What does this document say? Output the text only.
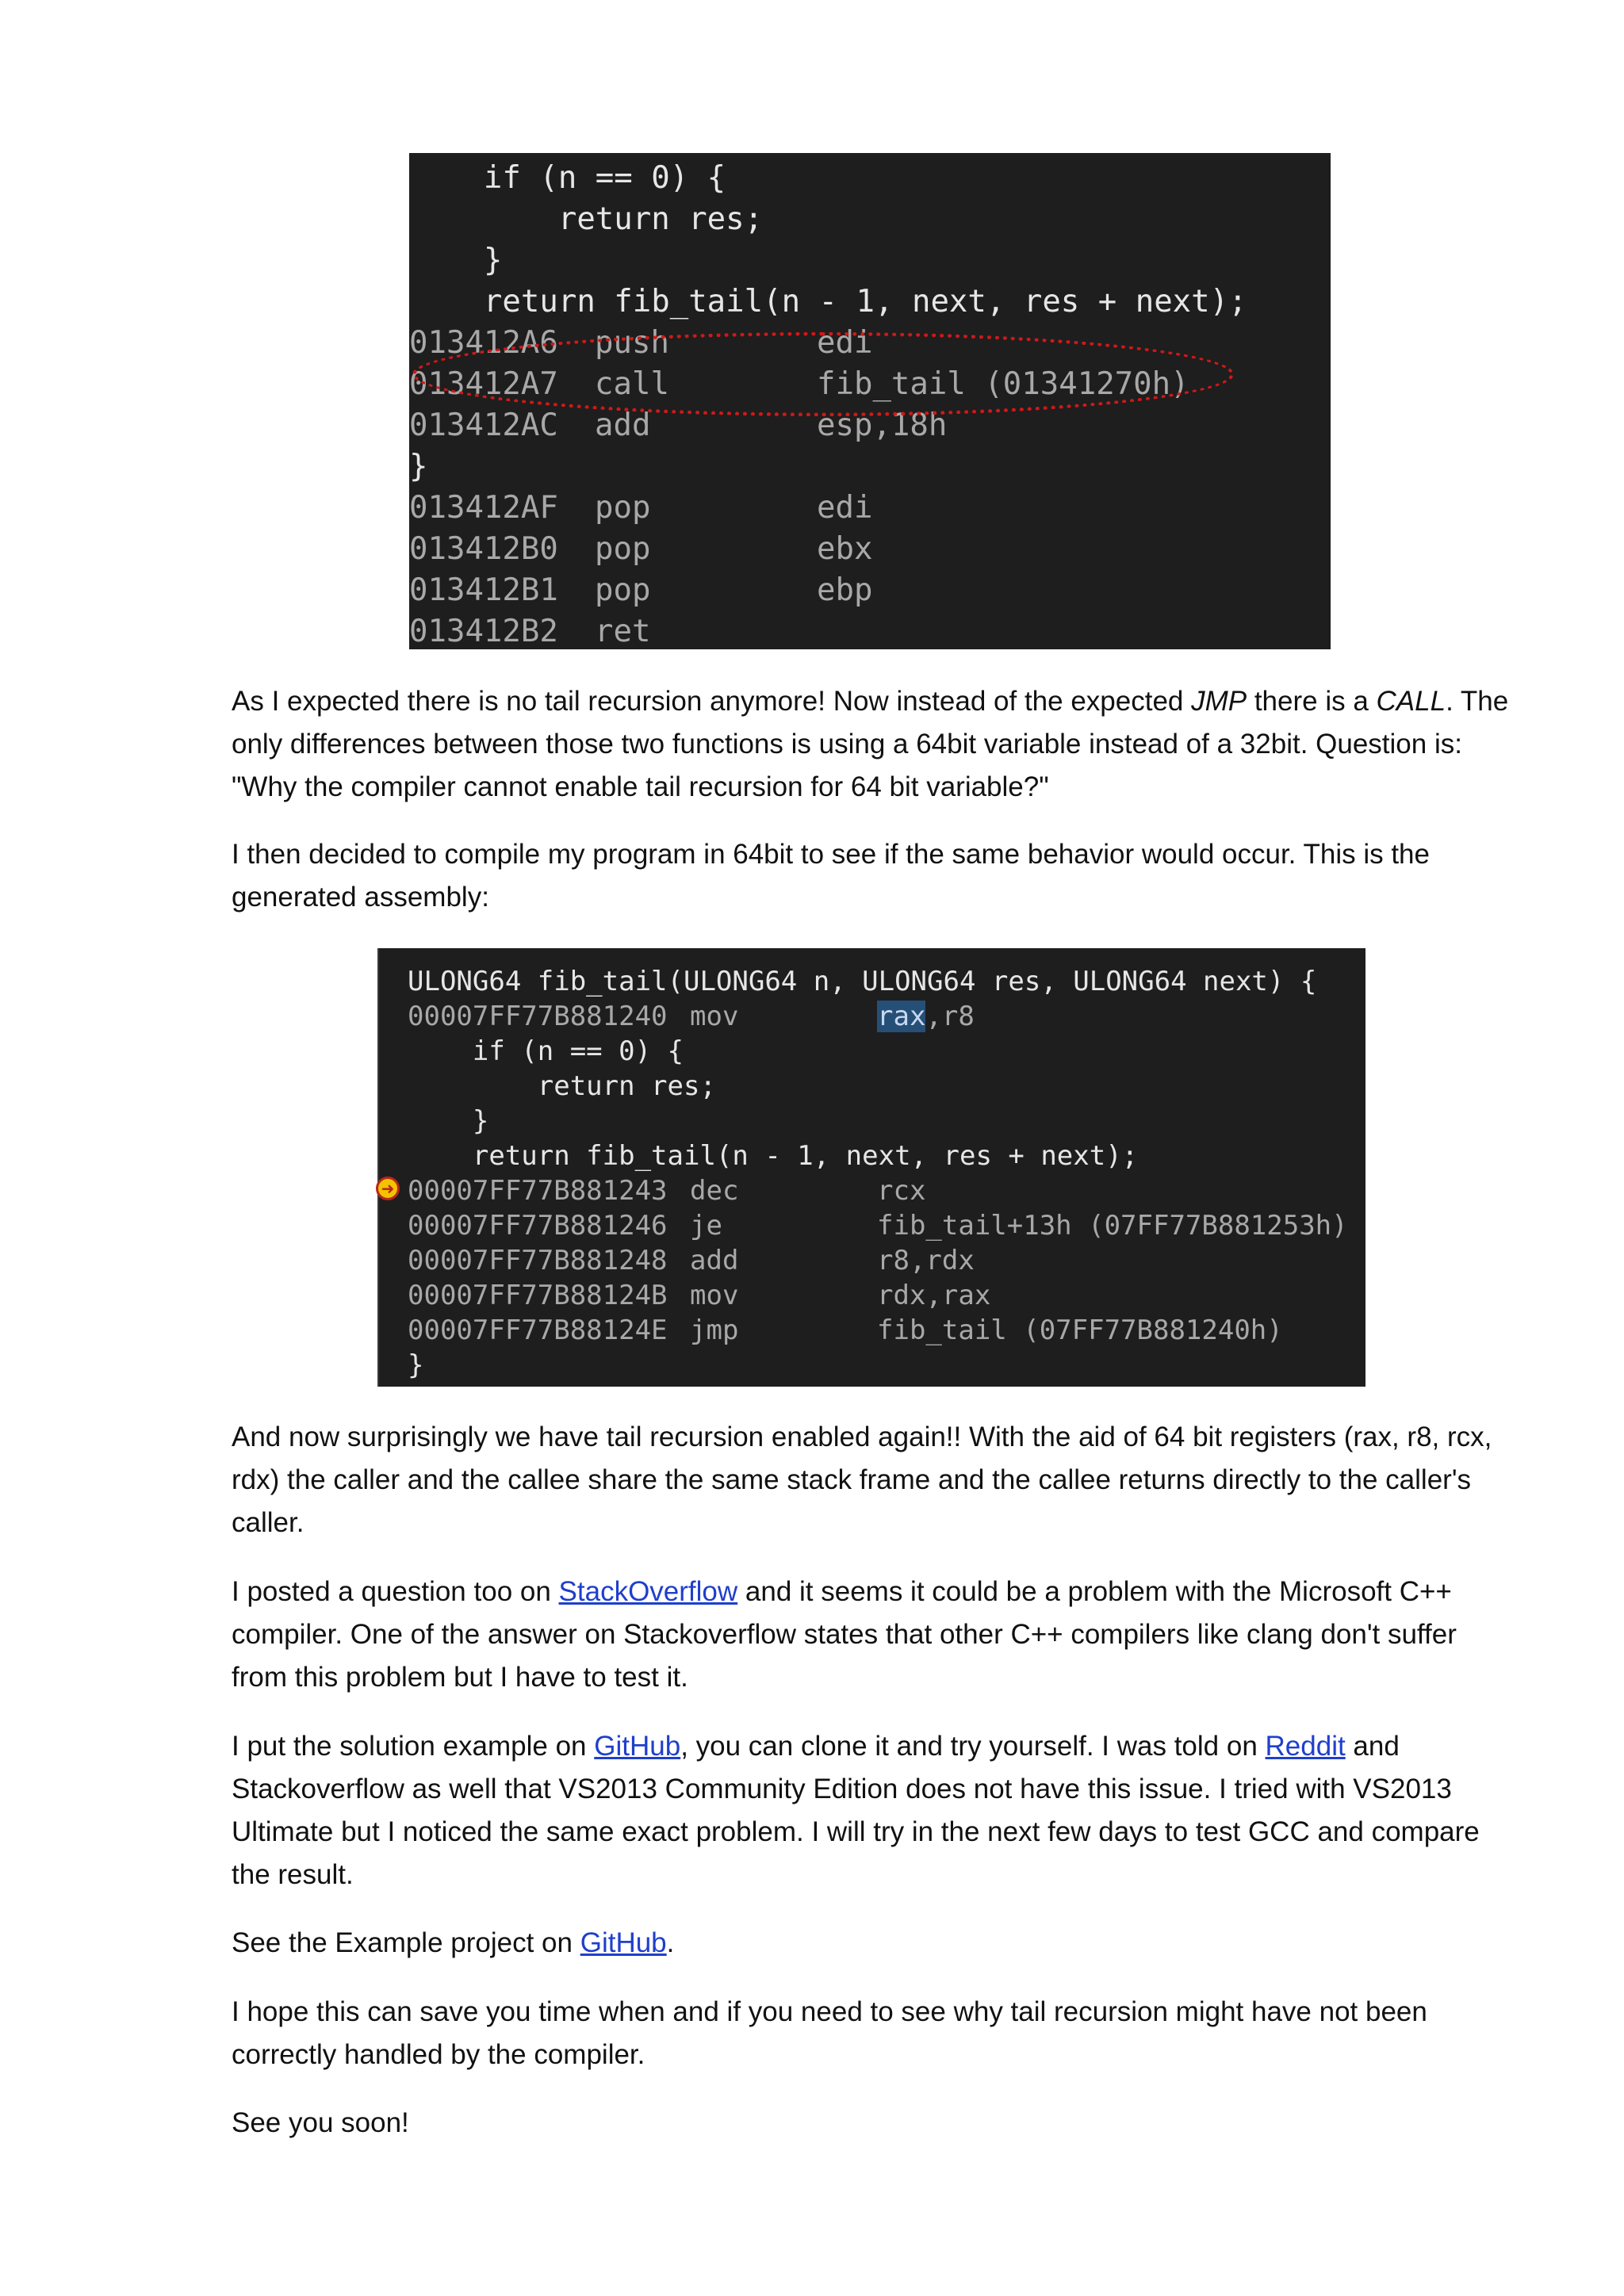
if (n == 0) {

return res;

}

return fib_tail(n - 1, next, res + next);

013412A6 push	edi

013412A7 call	fib_tail (01341270h)

013412AC add	esp,18h

}

013412AF pop	edi

013412B0 pop	ebx

013412B1 pop	ebp

013412B2 ret

As I expected there is no tail recursion anymore! Now instead of the expected JMP there is a CALL. The only differences between those two functions is using a 64bit variable instead of a 32bit. Question is: "Why the compiler cannot enable tail recursion for 64 bit variable?"

I then decided to compile my program in 64bit to see if the same behavior would occur. This is the generated assembly:

ULONG64 fib_tail(ULONG64 n, ULONG64 res, ULONG64 next) {

00007FF77B881240 mov	rax,r8

if (n == 0) {

return res;

}

return fib_tail(n - 1, next, res + next);

00007FF77B881243 dec	rcx

00007FF77B881246 je	fib_tail+13h (07FF77B881253h)

00007FF77B881248 add	r8,rdx

00007FF77B88124B mov	rdx,rax

00007FF77B88124E jmp	fib_tail (07FF77B881240h)

}

➜

And now surprisingly we have tail recursion enabled again!! With the aid of 64 bit registers (rax, r8, rcx, rdx) the caller and the callee share the same stack frame and the callee returns directly to the caller's caller.

I posted a question too on StackOverflow and it seems it could be a problem with the Microsoft C++ compiler. One of the answer on Stackoverflow states that other C++ compilers like clang don't suffer from this problem but I have to test it.

I put the solution example on GitHub, you can clone it and try yourself. I was told on Reddit and Stackoverflow as well that VS2013 Community Edition does not have this issue. I tried with VS2013 Ultimate but I noticed the same exact problem. I will try in the next few days to test GCC and compare the result.

See the Example project on GitHub.

I hope this can save you time when and if you need to see why tail recursion might have not been correctly handled by the compiler.

See you soon!
